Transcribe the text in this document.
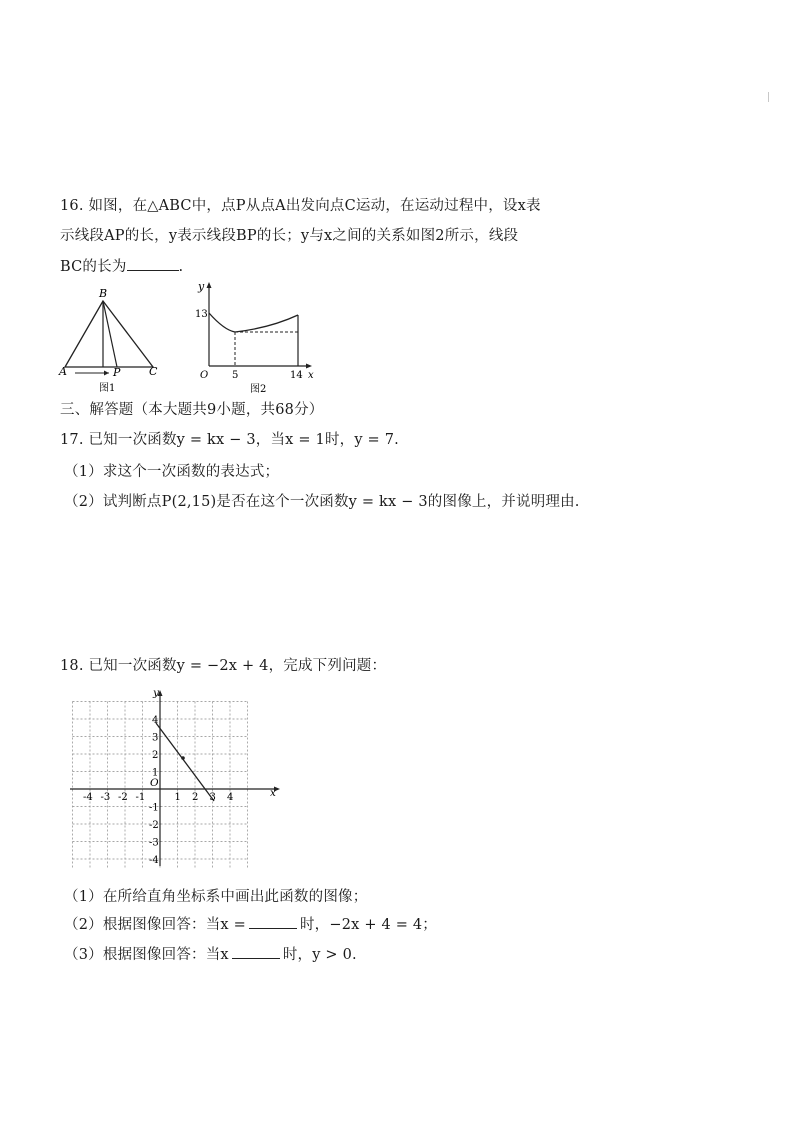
16. 如图，在△ABC中，点P从点A出发向点C运动，在运动过程中，设x表
示线段AP的长，y表示线段BP的长；y与x之间的关系如图2所示，线段
BC的长为	.
B
A	P	C
图1
y
13
O 5	14 x
图2
三、解答题（本大题共9小题，共68分）
17. 已知一次函数y = kx − 3，当x = 1时，y = 7.
（1）求这个一次函数的表达式；
（2）试判断点P(2,15)是否在这个一次函数y = kx − 3的图像上，并说明理由.
18. 已知一次函数y = −2x + 4，完成下列问题：
-4 -3 -2 -1	1 2 3 4
4
3
2
1
-1
-2
-3
-4
O
y
x
（1）在所给直角坐标系中画出此函数的图像；
（2）根据图像回答：当x =	时，−2x + 4 = 4；
（3）根据图像回答：当x	时，y > 0.
